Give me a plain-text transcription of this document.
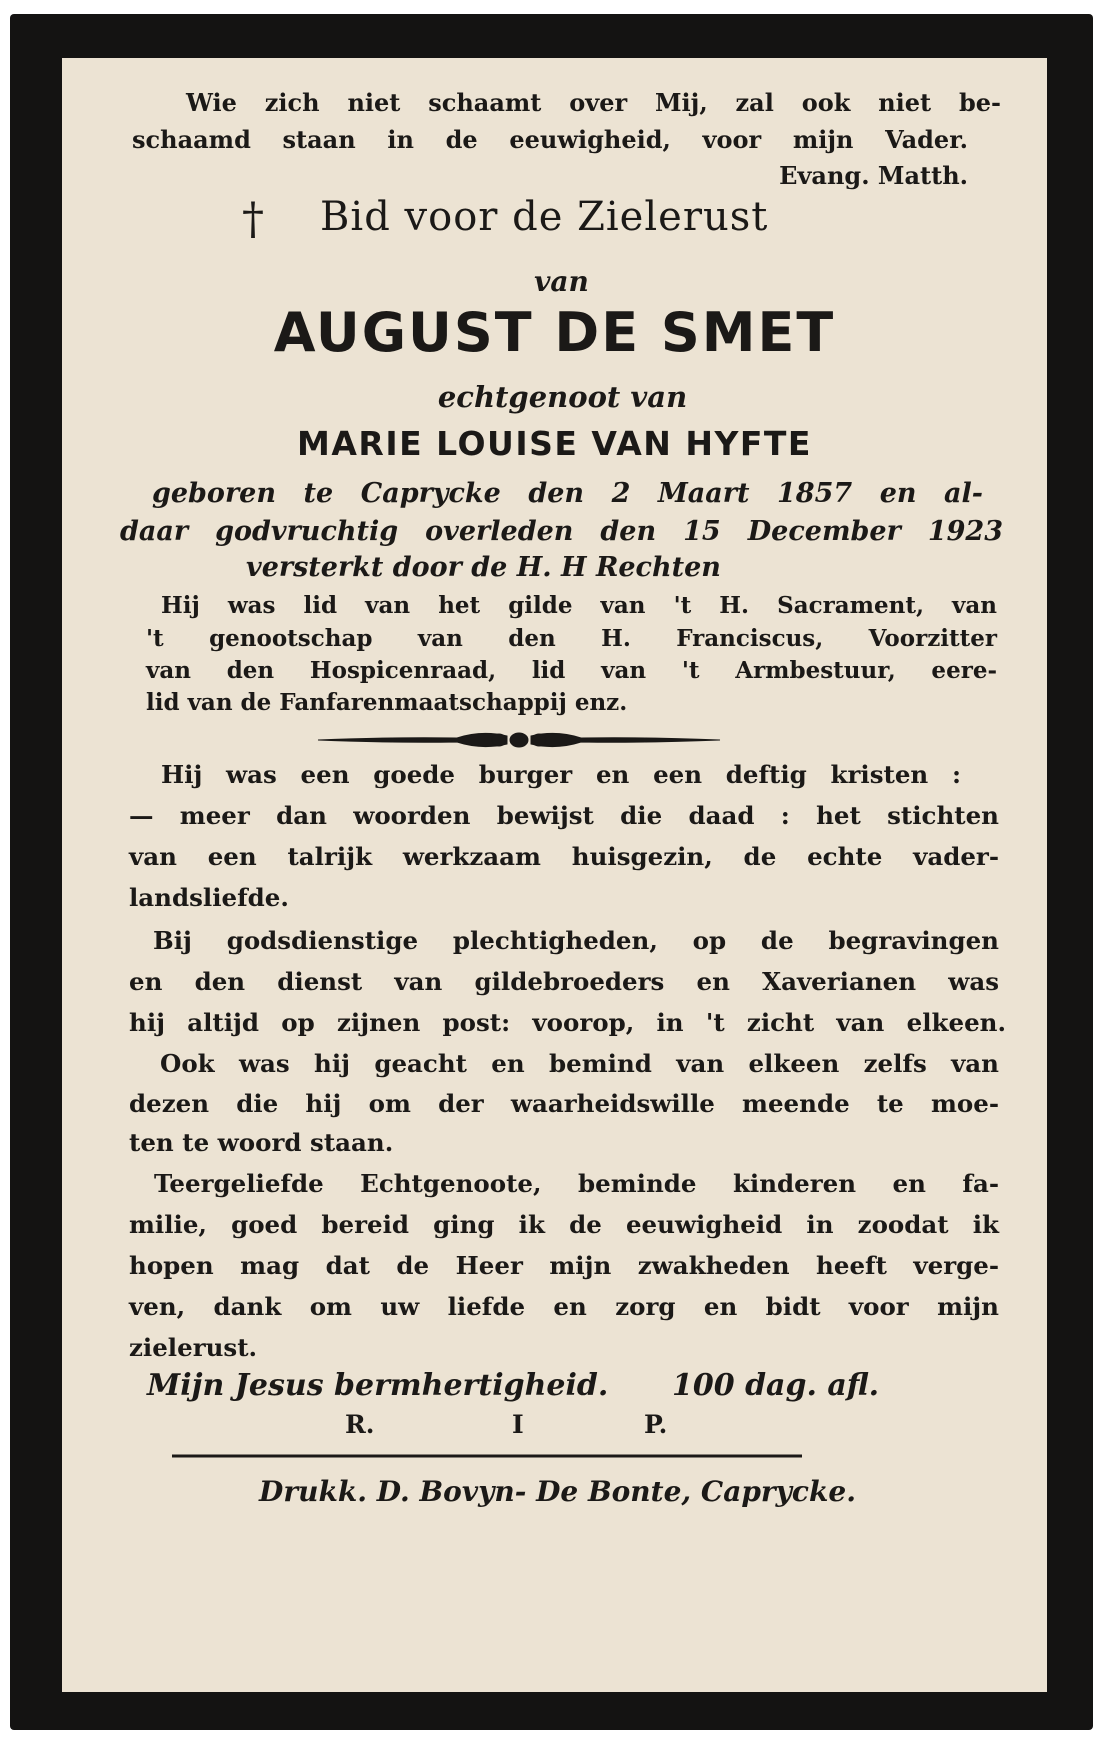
Wie zich niet schaamt over Mij, zal ook niet be-

schaamd staan in de eeuwigheid, voor mijn Vader.

Evang. Matth.

†	Bid voor de Zielerust

van

AUGUST DE SMET

echtgenoot van

MARIE LOUISE VAN HYFTE

geboren te Caprycke den 2 Maart 1857 en al-

daar godvruchtig overleden den 15 December 1923

versterkt door de H. H Rechten

Hij was lid van het gilde van 't H. Sacrament, van

't genootschap van den H. Franciscus, Voorzitter

van den Hospicenraad, lid van 't Armbestuur, eere-

lid van de Fanfarenmaatschappij enz.

Hij was een goede burger en een deftig kristen :

— meer dan woorden bewijst die daad : het stichten

van een talrijk werkzaam huisgezin, de echte vader-

landsliefde.

Bij godsdienstige plechtigheden, op de begravingen

en den dienst van gildebroeders en Xaverianen was

hij altijd op zijnen post: voorop, in 't zicht van elkeen.

Ook was hij geacht en bemind van elkeen zelfs van

dezen die hij om der waarheidswille meende te moe-

ten te woord staan.

Teergeliefde Echtgenoote, beminde kinderen en fa-

milie, goed bereid ging ik de eeuwigheid in zoodat ik

hopen mag dat de Heer mijn zwakheden heeft verge-

ven, dank om uw liefde en zorg en bidt voor mijn

zielerust.

Mijn Jesus bermhertigheid. 100 dag. afl.

R.	I	P.

Drukk. D. Bovyn- De Bonte, Caprycke.
